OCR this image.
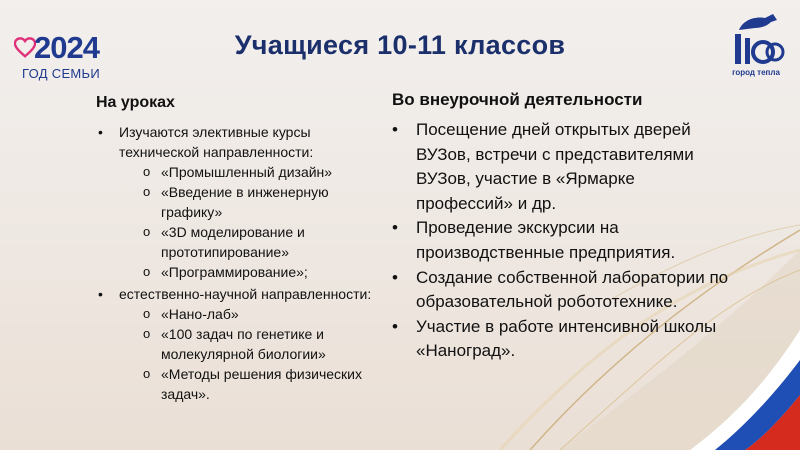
2024
ГОД СЕМЬИ	город тепла
Учащиеся 10-11 классов
На уроках
• Изучаются элективные курсы технической направленности:
o «Промышленный дизайн»
o «Введение в инженерную графику»
o «3D моделирование и прототипирование»
o «Программирование»;
• естественно-научной направленности:
o «Нано-лаб»
o «100 задач по генетике и молекулярной биологии»
o «Методы решения физических задач».
Во внеурочной деятельности
• Посещение дней открытых дверей ВУЗов, встречи с представителями ВУЗов, участие в «Ярмарке профессий» и др.
• Проведение экскурсии на производственные предприятия.
• Создание собственной лаборатории по образовательной робототехнике.
• Участие в работе интенсивной школы «Наноград».
